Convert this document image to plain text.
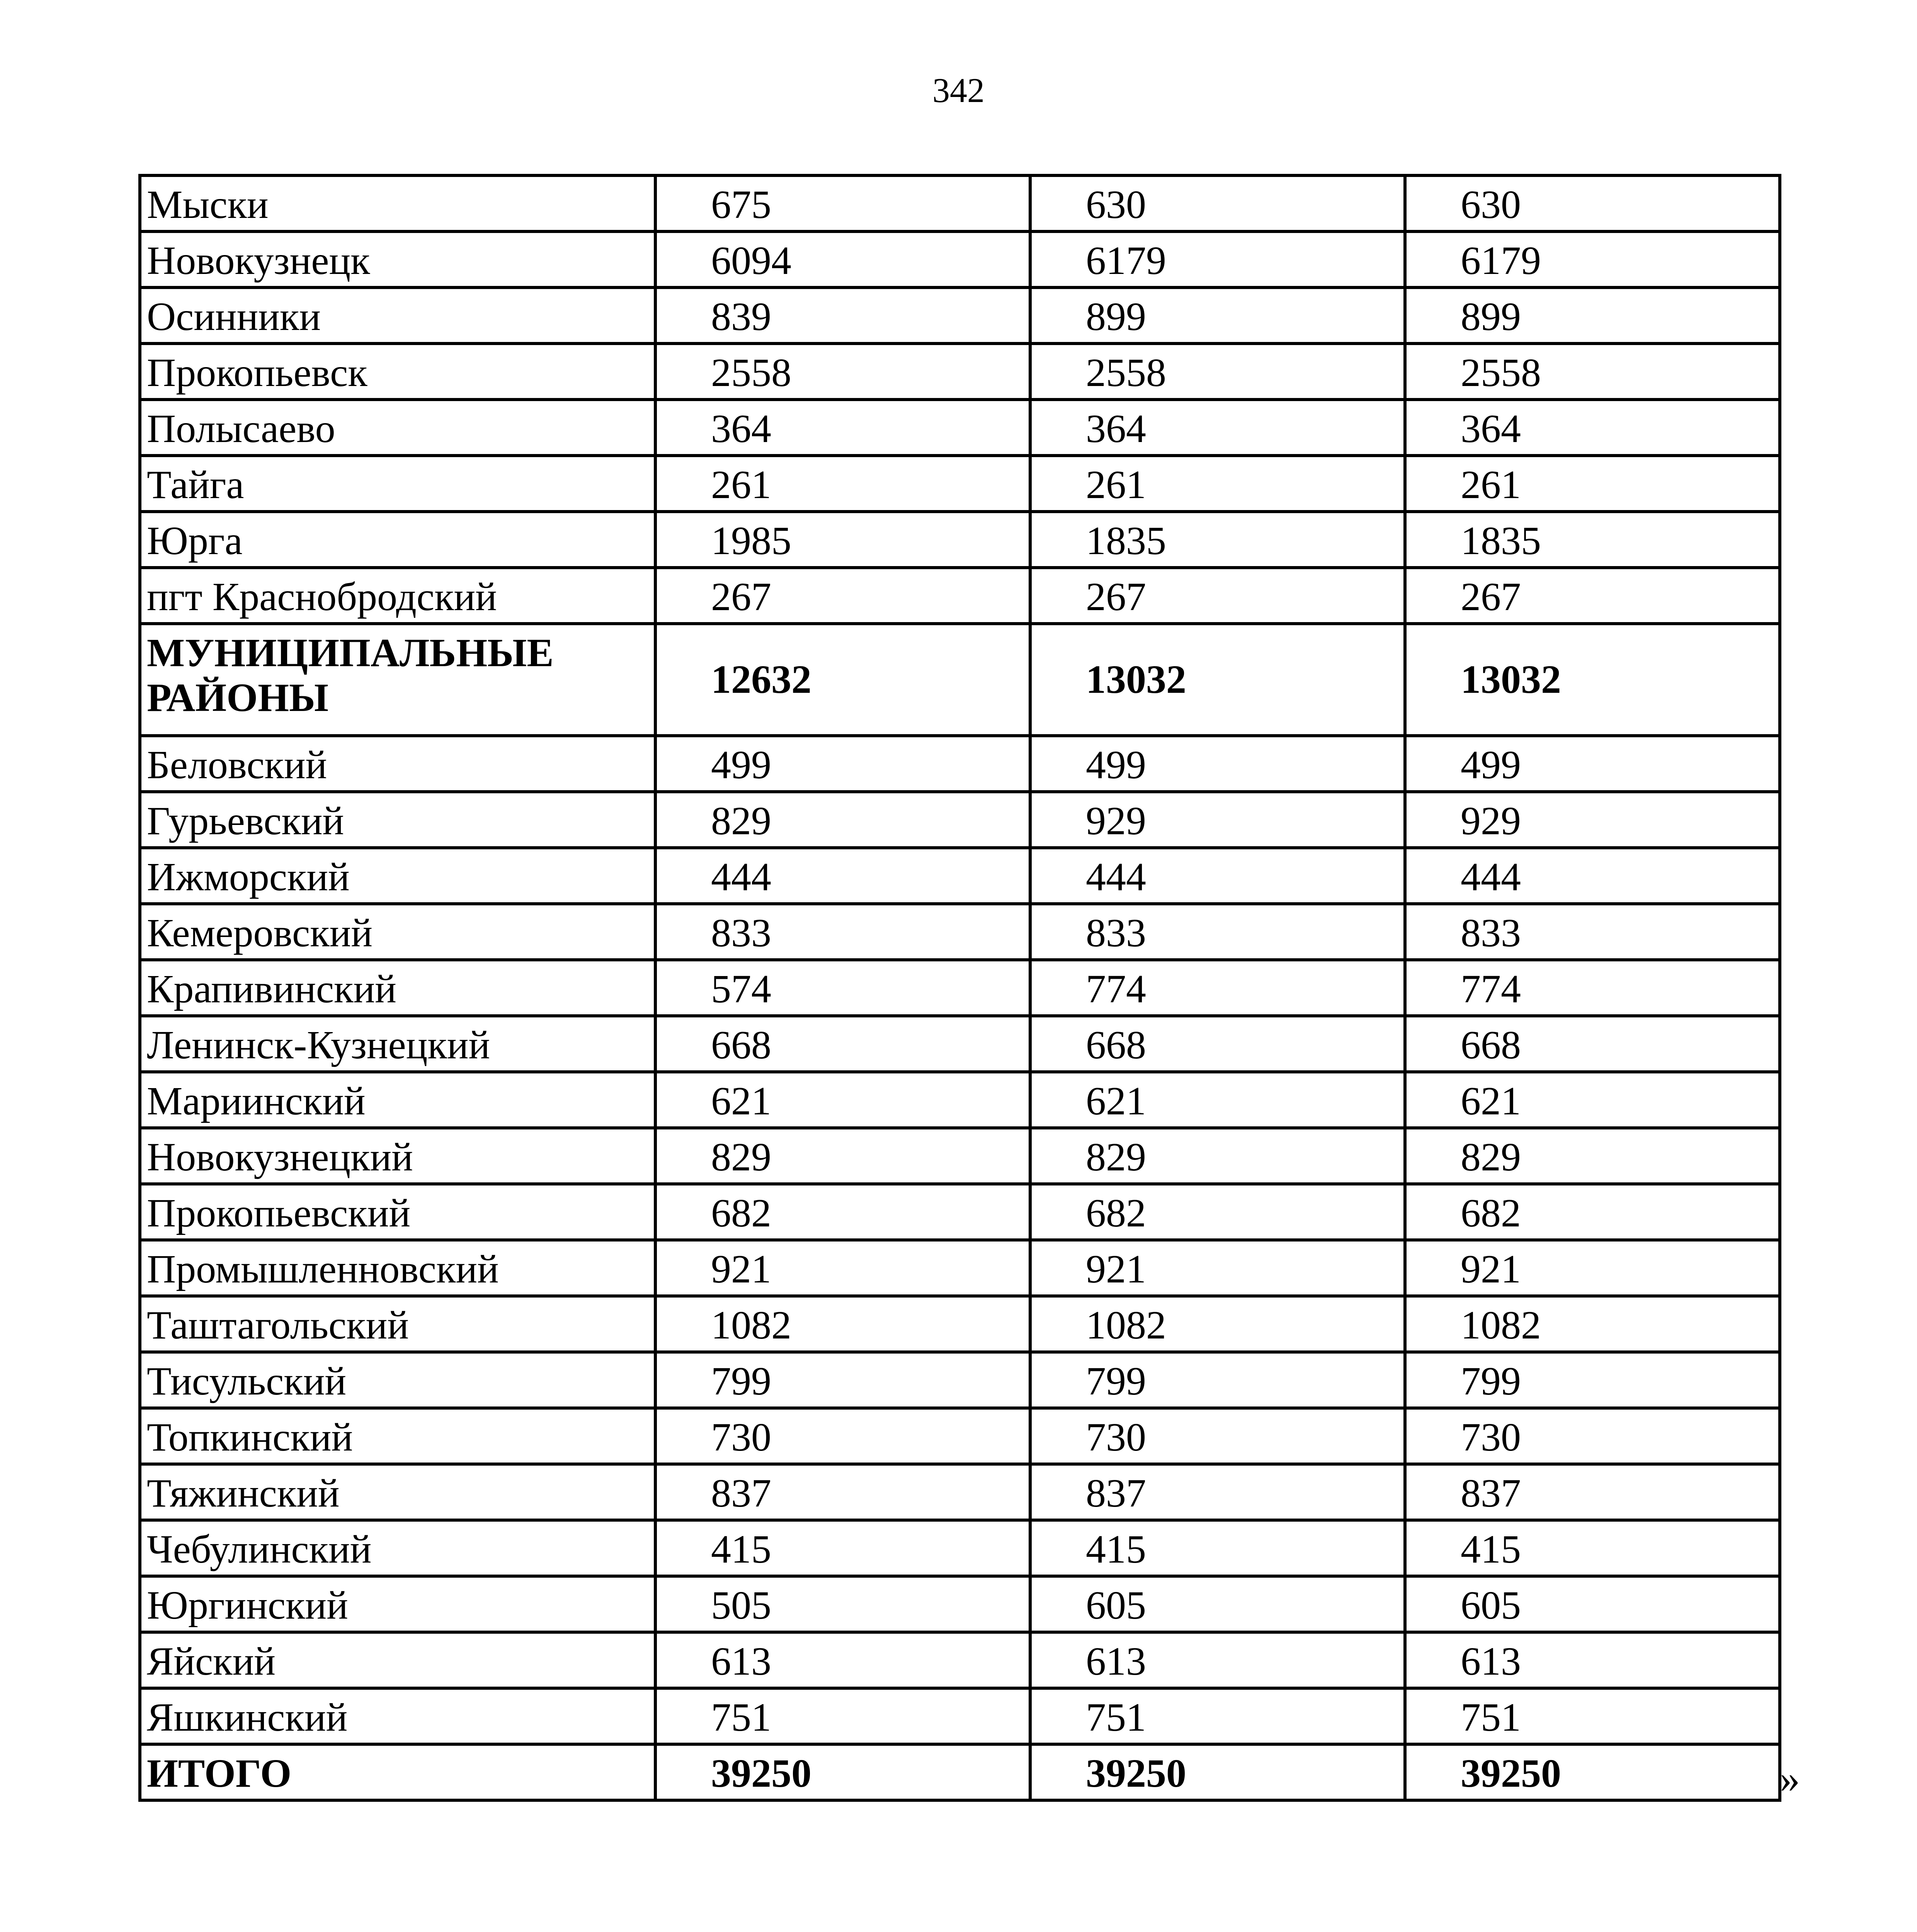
342
Мыски	675	630	630
Новокузнецк	6094	6179	6179
Осинники	839	899	899
Прокопьевск	2558	2558	2558
Полысаево	364	364	364
Тайга	261	261	261
Юрга	1985	1835	1835
пгт Краснобродский	267	267	267
МУНИЦИПАЛЬНЫЕ РАЙОНЫ	12632	13032	13032
Беловский	499	499	499
Гурьевский	829	929	929
Ижморский	444	444	444
Кемеровский	833	833	833
Крапивинский	574	774	774
Ленинск-Кузнецкий	668	668	668
Мариинский	621	621	621
Новокузнецкий	829	829	829
Прокопьевский	682	682	682
Промышленновский	921	921	921
Таштагольский	1082	1082	1082
Тисульский	799	799	799
Топкинский	730	730	730
Тяжинский	837	837	837
Чебулинский	415	415	415
Юргинский	505	605	605
Яйский	613	613	613
Яшкинский	751	751	751
ИТОГО	39250	39250	39250	»
